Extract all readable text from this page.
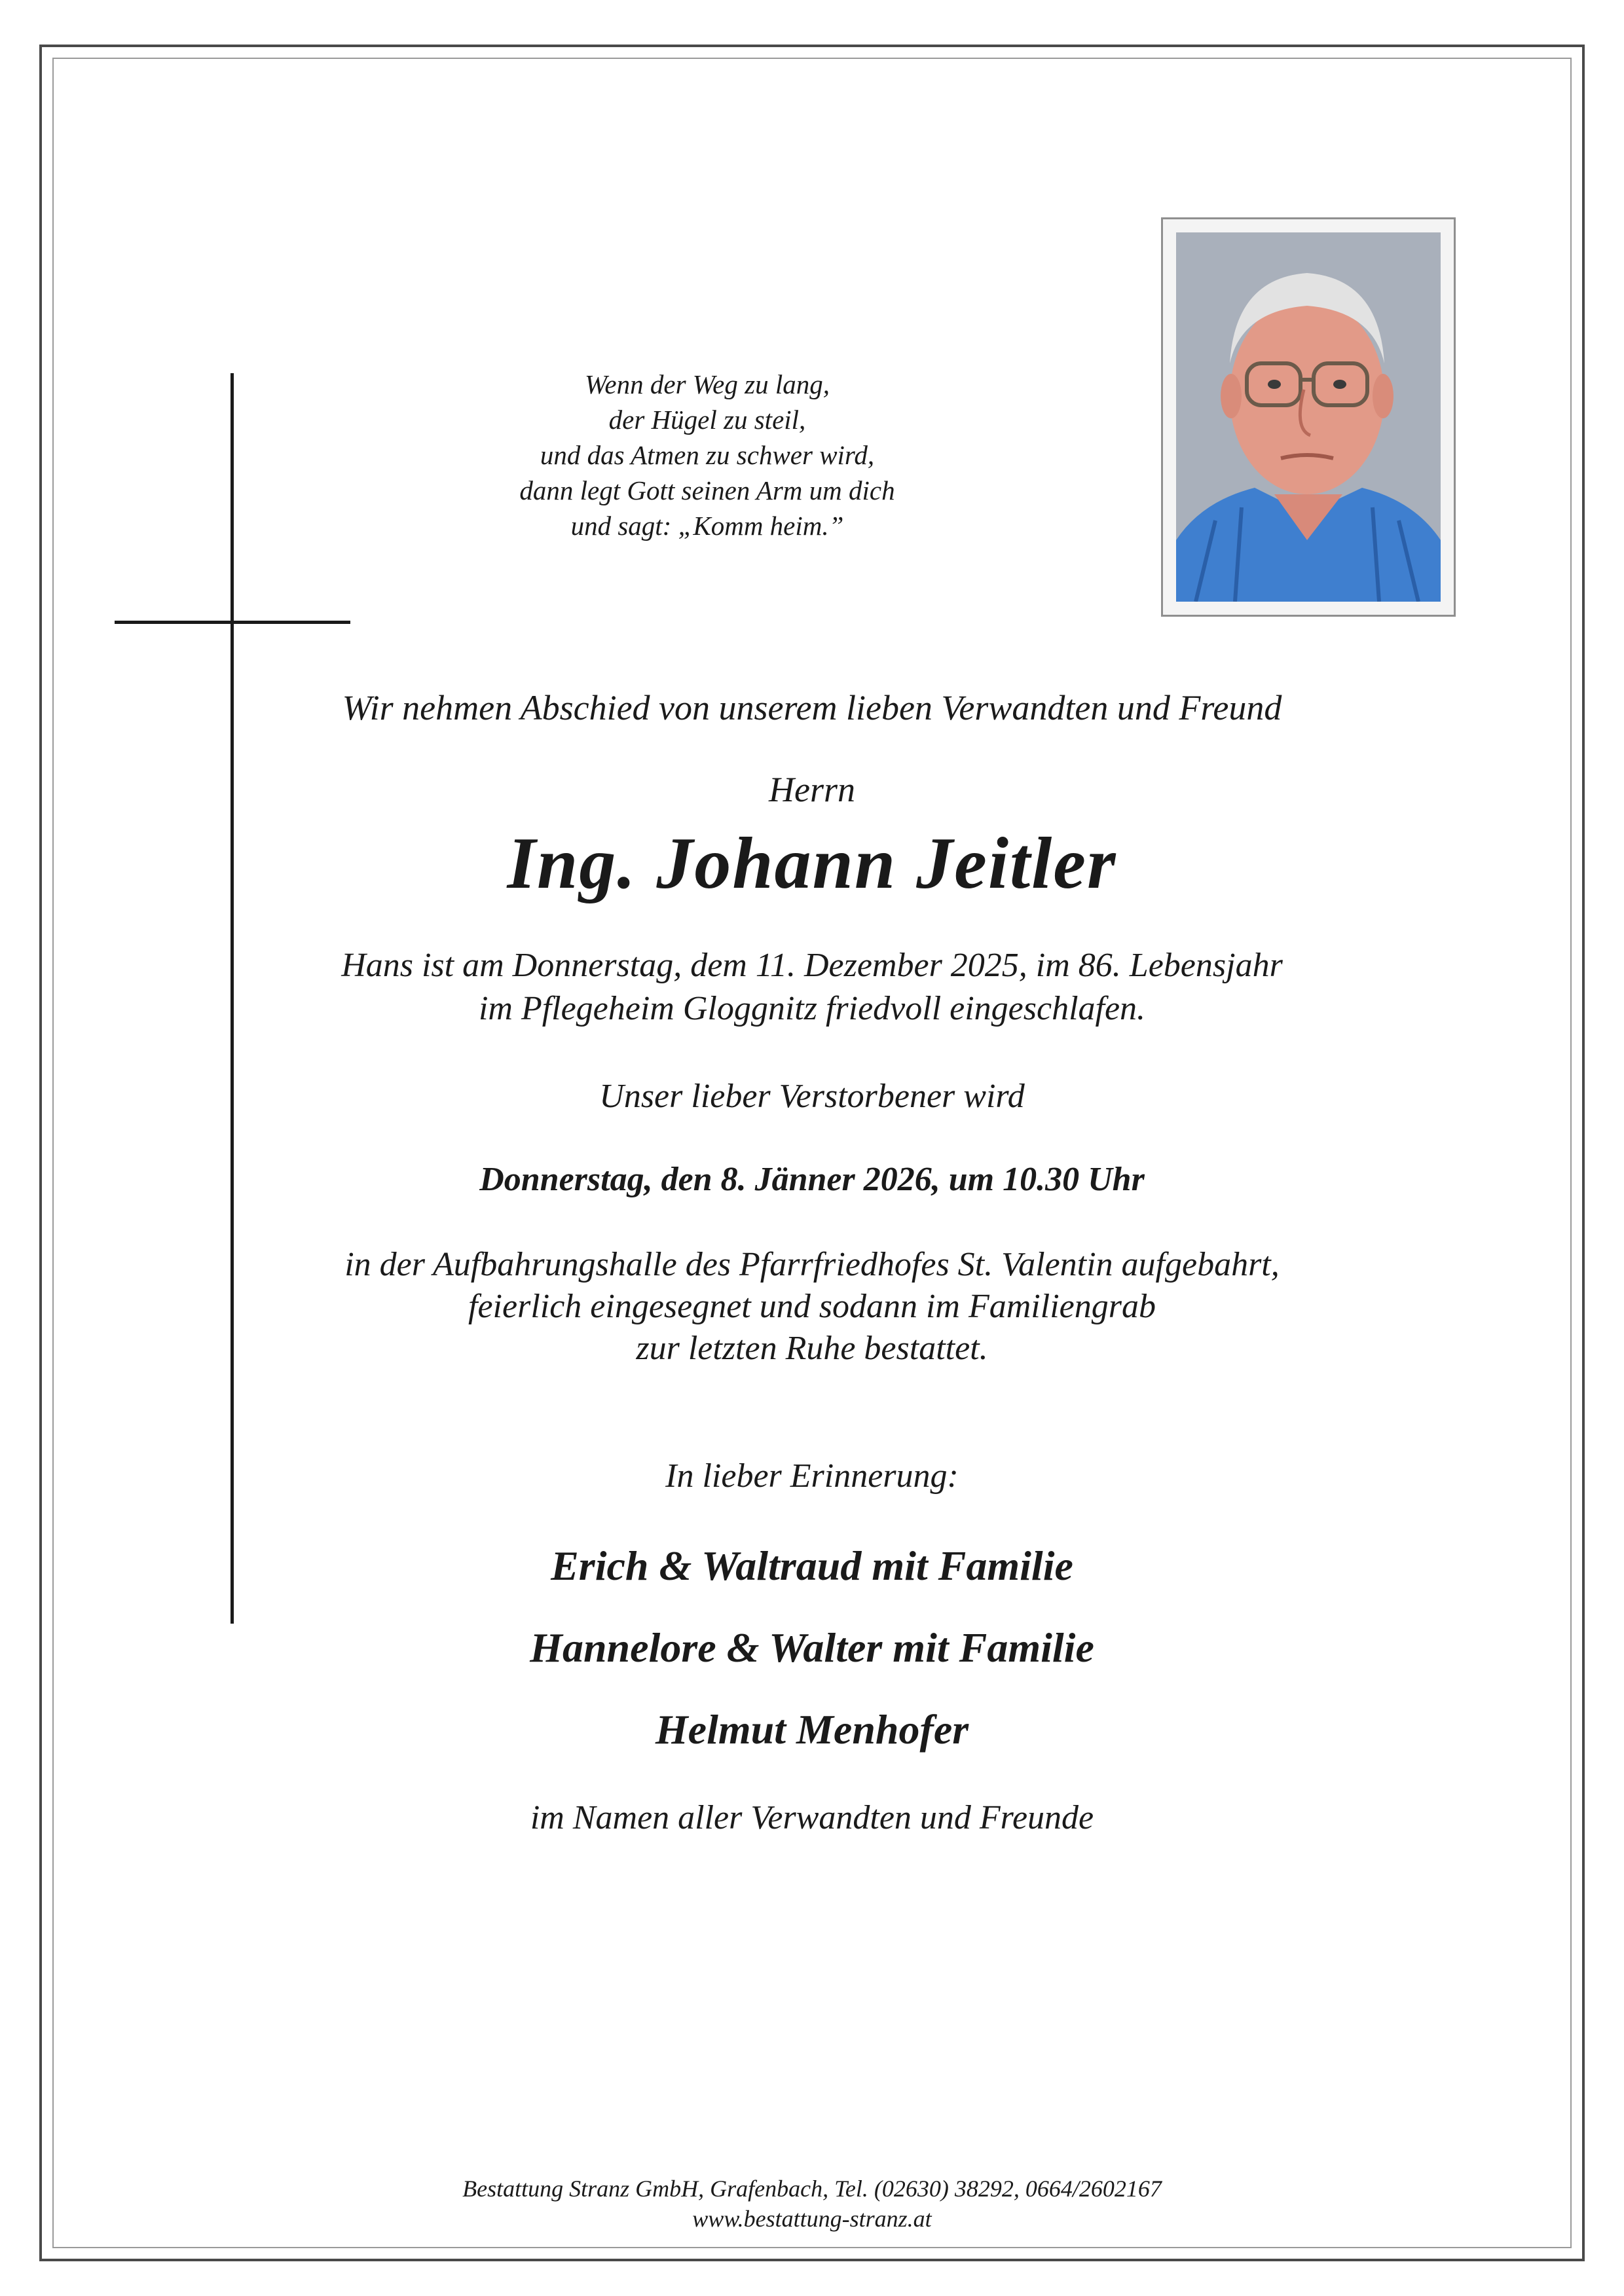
Wenn der Weg zu lang,
der Hügel zu steil,
und das Atmen zu schwer wird,
dann legt Gott seinen Arm um dich
und sagt: „Komm heim.”
Wir nehmen Abschied von unserem lieben Verwandten und Freund
Herrn
Ing. Johann Jeitler
Hans ist am Donnerstag, dem 11. Dezember 2025, im 86. Lebensjahr
im Pflegeheim Gloggnitz friedvoll eingeschlafen.
Unser lieber Verstorbener wird
Donnerstag, den 8. Jänner 2026, um 10.30 Uhr
in der Aufbahrungshalle des Pfarrfriedhofes St. Valentin aufgebahrt,
feierlich eingesegnet und sodann im Familiengrab
zur letzten Ruhe bestattet.
In lieber Erinnerung:
Erich & Waltraud mit Familie
Hannelore & Walter mit Familie
Helmut Menhofer
im Namen aller Verwandten und Freunde
Bestattung Stranz GmbH, Grafenbach, Tel. (02630) 38292, 0664/2602167
www.bestattung-stranz.at
